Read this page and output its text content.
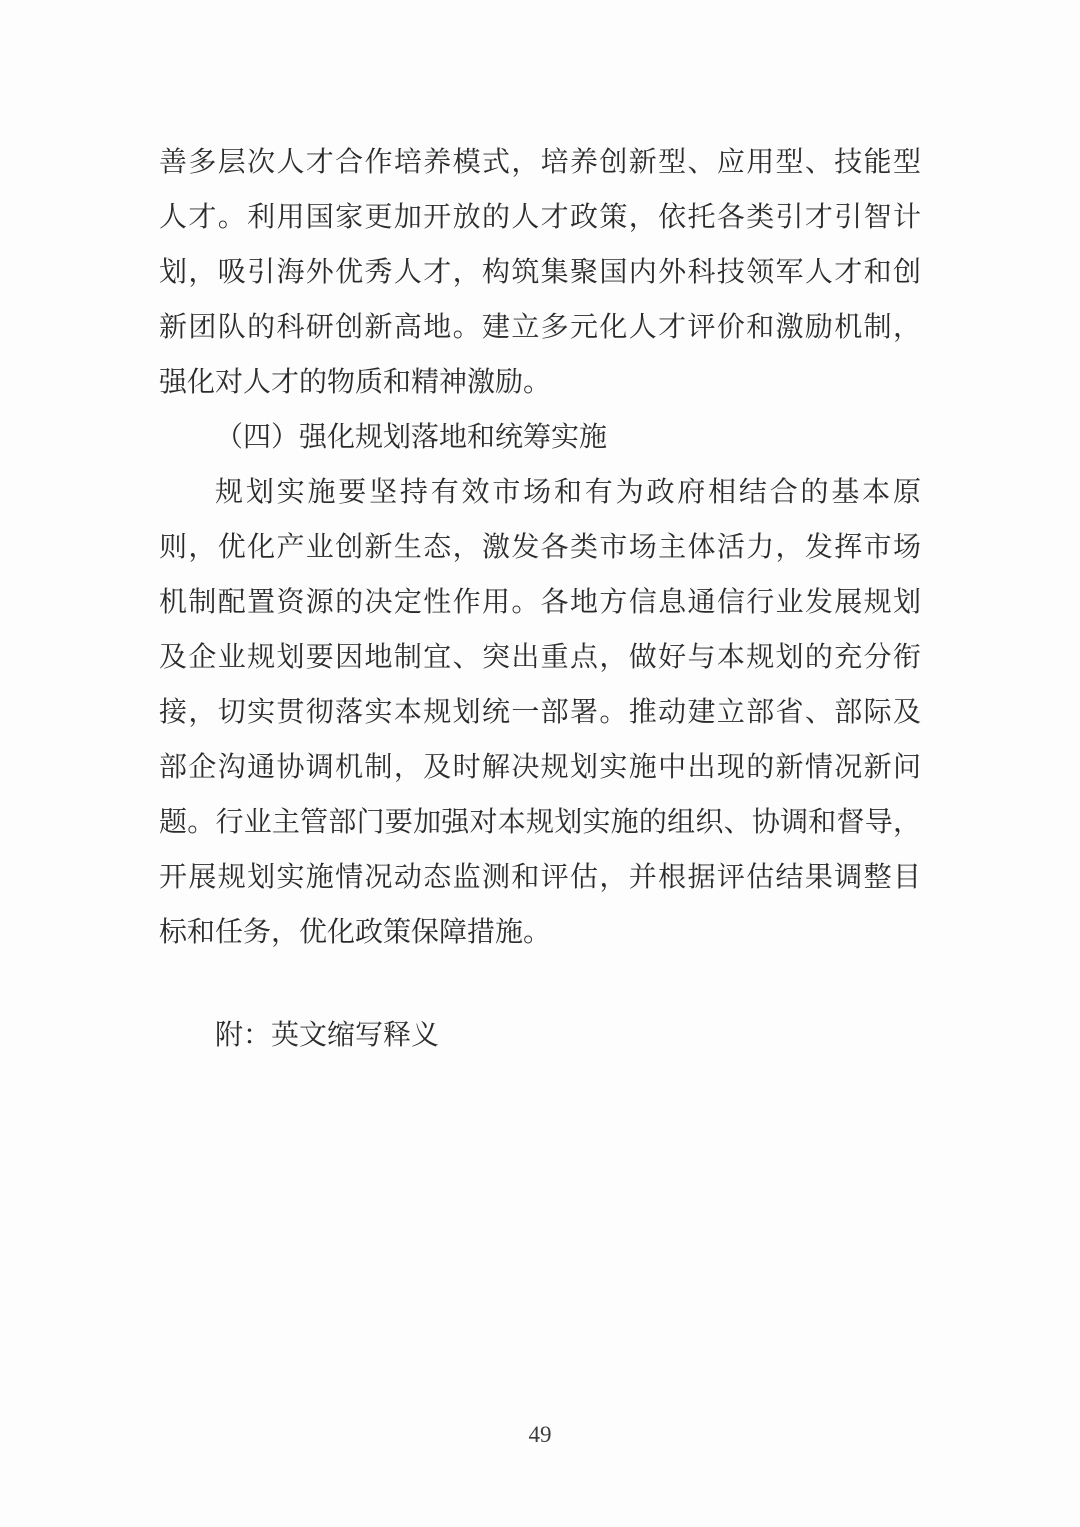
善多层次人才合作培养模式，培养创新型、应用型、技能型
人才。利用国家更加开放的人才政策，依托各类引才引智计
划，吸引海外优秀人才，构筑集聚国内外科技领军人才和创
新团队的科研创新高地。建立多元化人才评价和激励机制，
强化对人才的物质和精神激励。
（四）强化规划落地和统筹实施
规划实施要坚持有效市场和有为政府相结合的基本原
则，优化产业创新生态，激发各类市场主体活力，发挥市场
机制配置资源的决定性作用。各地方信息通信行业发展规划
及企业规划要因地制宜、突出重点，做好与本规划的充分衔
接，切实贯彻落实本规划统一部署。推动建立部省、部际及
部企沟通协调机制，及时解决规划实施中出现的新情况新问
题。行业主管部门要加强对本规划实施的组织、协调和督导，
开展规划实施情况动态监测和评估，并根据评估结果调整目
标和任务，优化政策保障措施。
附：英文缩写释义
49
